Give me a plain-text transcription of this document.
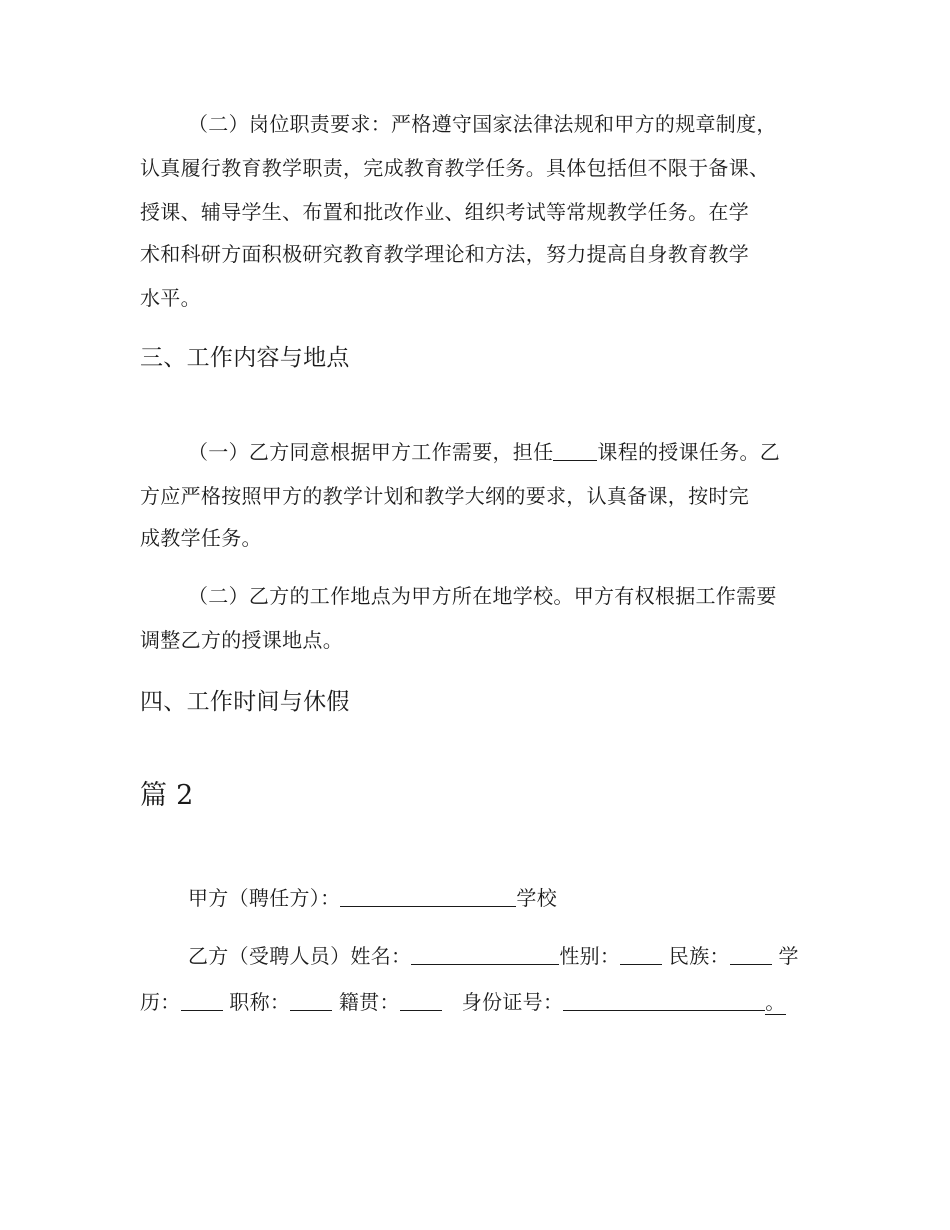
（二）岗位职责要求：严格遵守国家法律法规和甲方的规章制度，
认真履行教育教学职责，完成教育教学任务。具体包括但不限于备课、
授课、辅导学生、布置和批改作业、组织考试等常规教学任务。在学
术和科研方面积极研究教育教学理论和方法，努力提高自身教育教学
水平。
三、工作内容与地点
（一）乙方同意根据甲方工作需要，担任 课程的授课任务。乙
方应严格按照甲方的教学计划和教学大纲的要求，认真备课，按时完
成教学任务。
（二）乙方的工作地点为甲方所在地学校。甲方有权根据工作需要
调整乙方的授课地点。
四、工作时间与休假
篇 2
甲方（聘任方）：	学校
乙方（受聘人员）姓名：	性别： 民族： 学
历： 职称： 籍贯：	身份证号：	。
